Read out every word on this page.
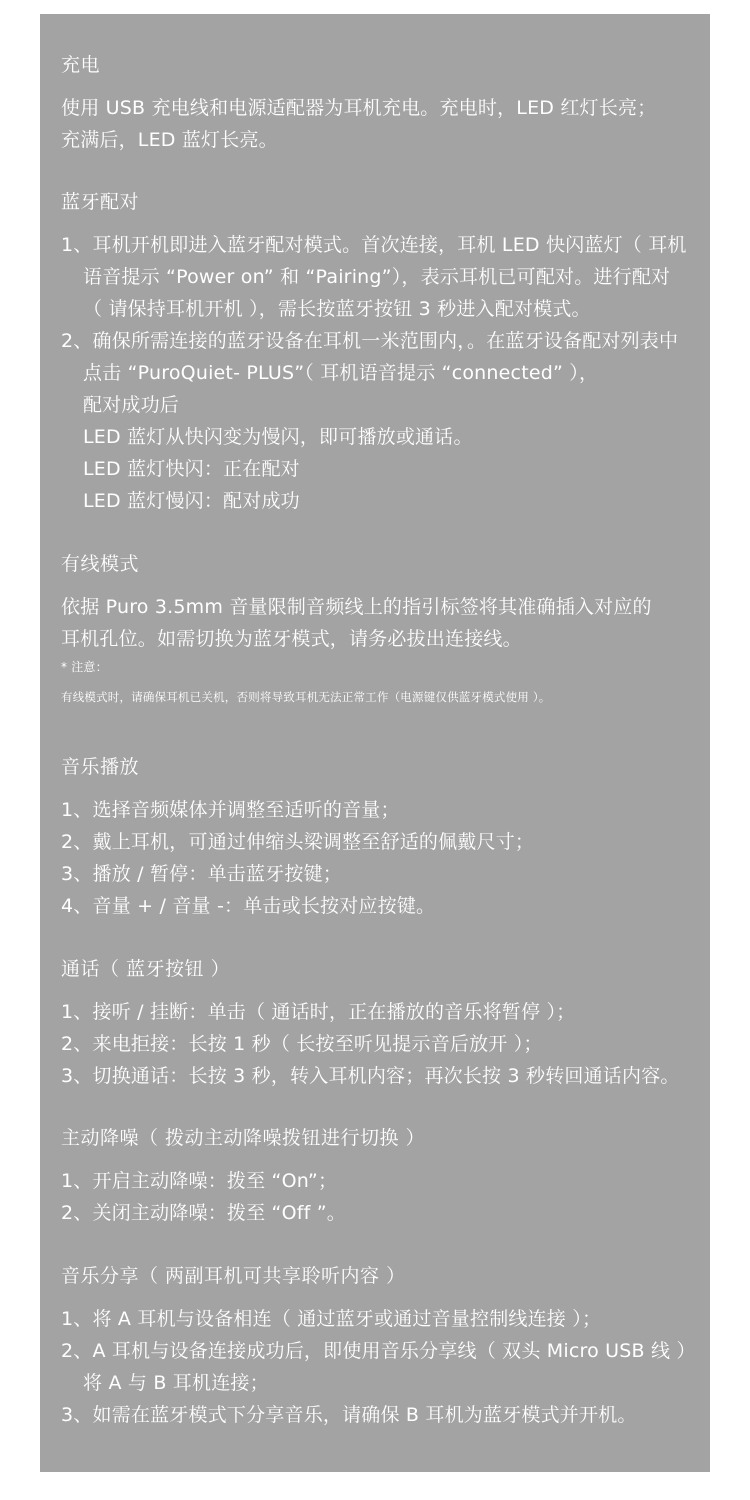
充电
使用 USB 充电线和电源适配器为耳机充电。充电时，LED 红灯长亮；
充满后，LED 蓝灯长亮。
蓝牙配对
1、耳机开机即进入蓝牙配对模式。首次连接，耳机 LED 快闪蓝灯（ 耳机
语音提示 “Power on” 和 “Pairing”），表示耳机已可配对。进行配对
（ 请保持耳机开机 ），需长按蓝牙按钮 3 秒进入配对模式。
2、确保所需连接的蓝牙设备在耳机一米范围内，。在蓝牙设备配对列表中
点击 “PuroQuiet- PLUS”（ 耳机语音提示 “connected” ），
配对成功后
LED 蓝灯从快闪变为慢闪，即可播放或通话。
LED 蓝灯快闪：正在配对
LED 蓝灯慢闪：配对成功
有线模式
依据 Puro 3.5mm 音量限制音频线上的指引标签将其准确插入对应的
耳机孔位。如需切换为蓝牙模式，请务必拔出连接线。
* 注意：
有线模式时，请确保耳机已关机，否则将导致耳机无法正常工作（电源键仅供蓝牙模式使用 ）。
音乐播放
1、选择音频媒体并调整至适听的音量；
2、戴上耳机，可通过伸缩头梁调整至舒适的佩戴尺寸；
3、播放 / 暂停：单击蓝牙按键；
4、音量 + / 音量 -：单击或长按对应按键。
通话（ 蓝牙按钮 ）
1、接听 / 挂断：单击（ 通话时，正在播放的音乐将暂停 ）；
2、来电拒接：长按 1 秒（ 长按至听见提示音后放开 ）；
3、切换通话：长按 3 秒，转入耳机内容；再次长按 3 秒转回通话内容。
主动降噪（ 拨动主动降噪拨钮进行切换 ）
1、开启主动降噪：拨至 “On”；
2、关闭主动降噪：拨至 “Off ”。
音乐分享（ 两副耳机可共享聆听内容 ）
1、将 A 耳机与设备相连（ 通过蓝牙或通过音量控制线连接 ）；
2、A 耳机与设备连接成功后，即使用音乐分享线（ 双头 Micro USB 线 ）
将 A 与 B 耳机连接；
3、如需在蓝牙模式下分享音乐，请确保 B 耳机为蓝牙模式并开机。
